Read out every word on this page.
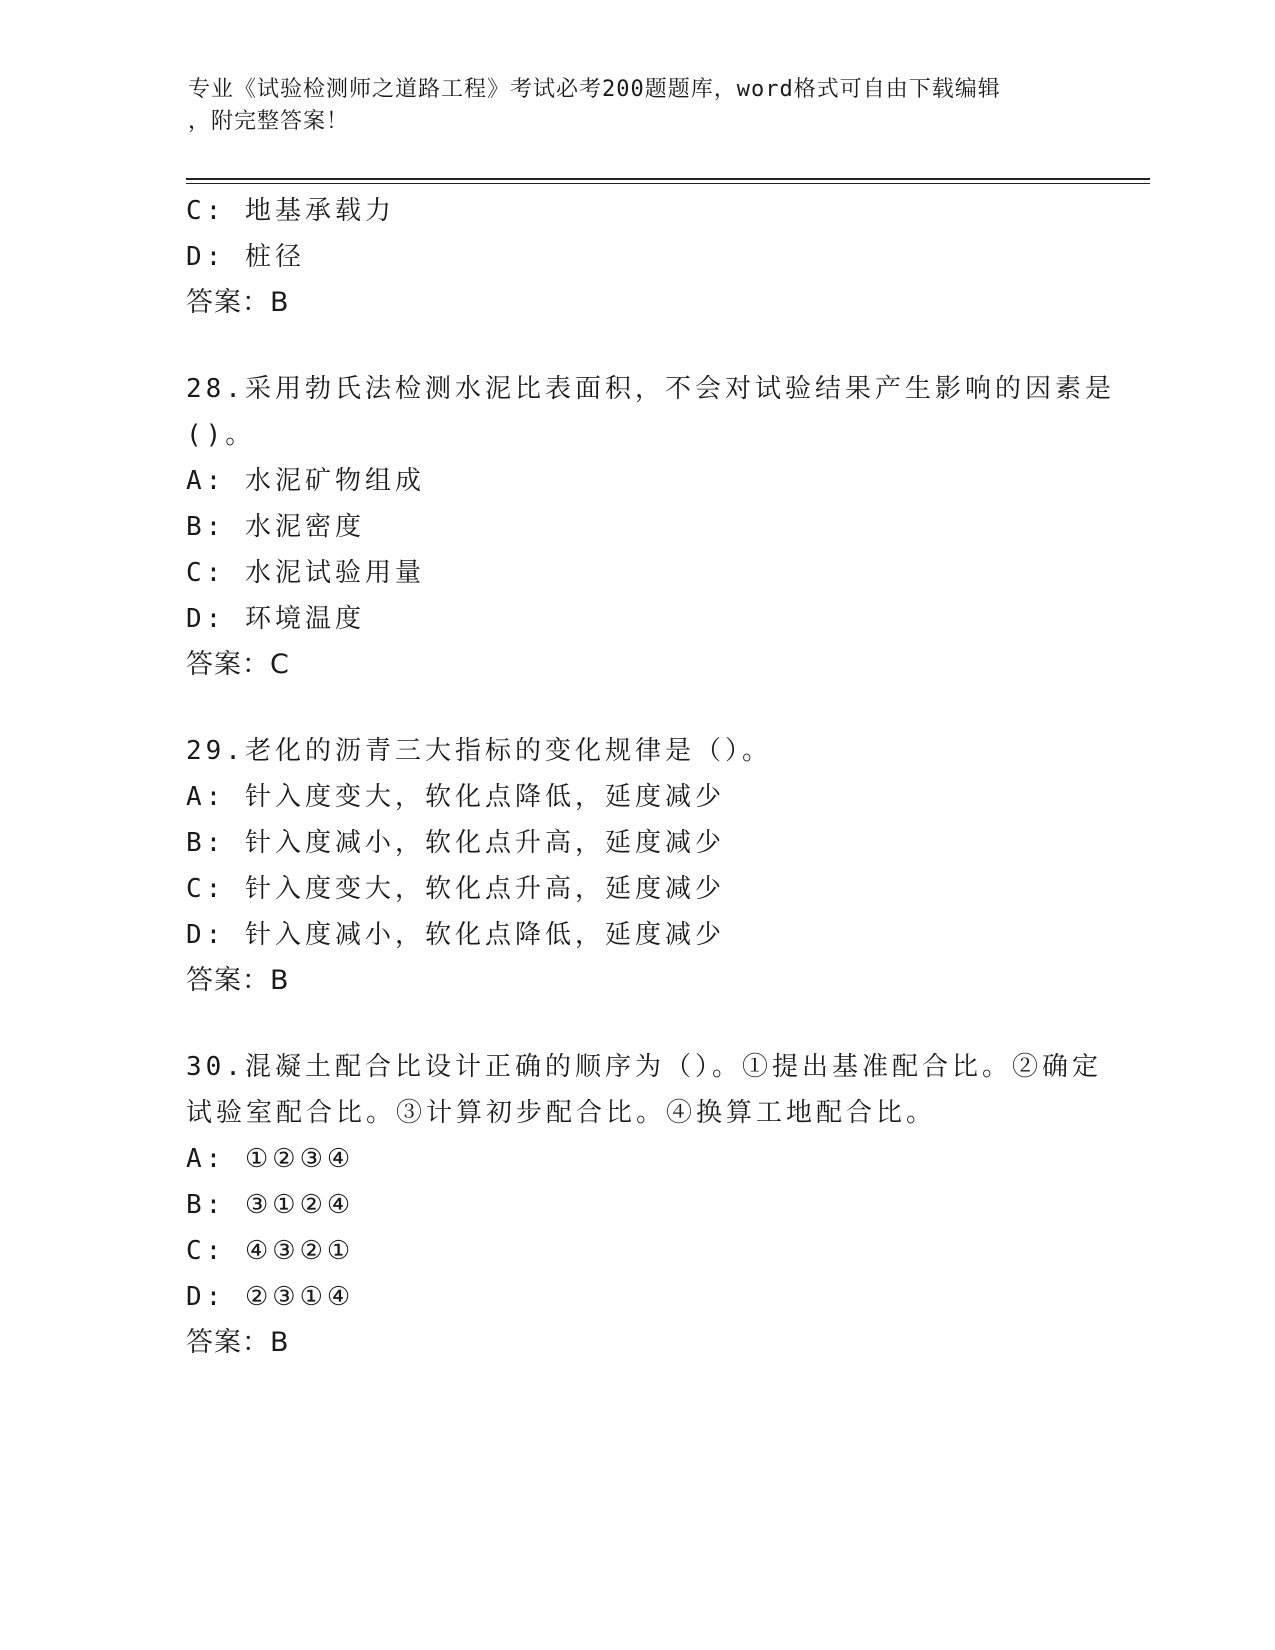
专业《试验检测师之道路工程》考试必考200题题库，word格式可自由下载编辑
，附完整答案！
C: 地基承载力
D: 桩径
答案：B
28.采用勃氏法检测水泥比表面积，不会对试验结果产生影响的因素是
()。
A: 水泥矿物组成
B: 水泥密度
C: 水泥试验用量
D: 环境温度
答案：C
29.老化的沥青三大指标的变化规律是（）。
A: 针入度变大，软化点降低，延度减少
B: 针入度减小，软化点升高，延度减少
C: 针入度变大，软化点升高，延度减少
D: 针入度减小，软化点降低，延度减少
答案：B
30.混凝土配合比设计正确的顺序为（）。①提出基准配合比。②确定
试验室配合比。③计算初步配合比。④换算工地配合比。
A: ①②③④
B: ③①②④
C: ④③②①
D: ②③①④
答案：B
